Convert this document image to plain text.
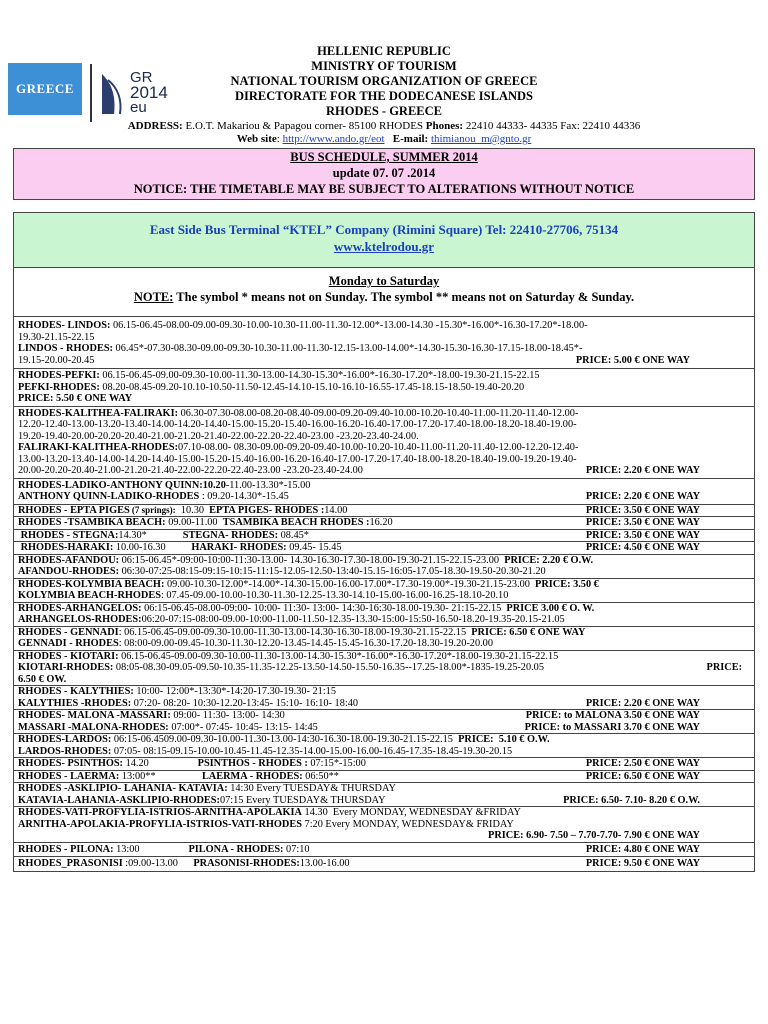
GREECE
GR
2014
eu
HELLENIC REPUBLIC
MINISTRY OF TOURISM
NATIONAL TOURISM ORGANIZATION OF GREECE
DIRECTORATE FOR THE DODECANESE ISLANDS
RHODES - GREECE
ADDRESS: E.O.T. Makariou & Papagou corner- 85100 RHODES Phones: 22410 44333- 44335 Fax: 22410 44336
Web site: http://www.ando.gr/eot E-mail: thimianou_m@gnto.gr
BUS SCHEDULE, SUMMER 2014
update 07. 07 .2014
NOTICE: THE TIMETABLE MAY BE SUBJECT TO ALTERATIONS WITHOUT NOTICE
East Side Bus Terminal “KTEL” Company (Rimini Square) Tel: 22410-27706, 75134
www.ktelrodou.gr
Monday to Saturday
NOTE: The symbol * means not on Sunday. The symbol ** means not on Saturday & Sunday.
RHODES- LINDOS: 06.15-06.45-08.00-09.00-09.30-10.00-10.30-11.00-11.30-12.00*-13.00-14.30 -15.30*-16.00*-16.30-17.20*-18.00-
19.30-21.15-22.15
LINDOS - RHODES: 06.45*-07.30-08.30-09.00-09.30-10.30-11.00-11.30-12.15-13.00-14.00*-14.30-15.30-16.30-17.15-18.00-18.45*-
19.15-20.00-20.45	PRICE: 5.00 € ONE WAY
RHODES-PEFKI: 06.15-06.45-09.00-09.30-10.00-11.30-13.00-14.30-15.30*-16.00*-16.30-17.20*-18.00-19.30-21.15-22.15
PEFKI-RHODES: 08.20-08.45-09.20-10.10-10.50-11.50-12.45-14.10-15.10-16.10-16.55-17.45-18.15-18.50-19.40-20.20
PRICE: 5.50 € ONE WAY
RHODES-KALITHEA-FALIRAKI: 06.30-07.30-08.00-08.20-08.40-09.00-09.20-09.40-10.00-10.20-10.40-11.00-11.20-11.40-12.00-
12.20-12.40-13.00-13.20-13.40-14.00-14.20-14.40-15.00-15.20-15.40-16.00-16.20-16.40-17.00-17.20-17.40-18.00-18.20-18.40-19.00-
19.20-19.40-20.00-20.20-20.40-21.00-21.20-21.40-22.00-22.20-22.40-23.00 -23.20-23.40-24.00.
FALIRAKI-KALITHEA-RHODES:07.10-08.00- 08.30-09.00-09.20-09.40-10.00-10.20-10.40-11.00-11.20-11.40-12.00-12.20-12.40-
13.00-13.20-13.40-14.00-14.20-14.40-15.00-15.20-15.40-16.00-16.20-16.40-17.00-17.20-17.40-18.00-18.20-18.40-19.00-19.20-19.40-
20.00-20.20-20.40-21.00-21.20-21.40-22.00-22.20-22.40-23.00 -23.20-23.40-24.00	PRICE: 2.20 € ONE WAY
RHODES-LADIKO-ANTHONY QUINN:10.20-11.00-13.30*-15.00
ANTHONY QUINN-LADIKO-RHODES : 09.20-14.30*-15.45	PRICE: 2.20 € ONE WAY
RHODES - EPTA PIGES (7 springs):  10.30  EPTA PIGES- RHODES :14.00	PRICE: 3.50 € ONE WAY
RHODES -TSAMBIKA BEACH: 09.00-11.00  TSAMBIKA BEACH RHODES :16.20	PRICE: 3.50 € ONE WAY
RHODES - STEGNA:14.30*              STEGNA- RHODES: 08.45*	PRICE: 3.50 € ONE WAY
RHODES-HARAKI: 10.00-16.30          HARAKI- RHODES: 09.45- 15.45	PRICE: 4.50 € ONE WAY
RHODES-AFANDOU: 06:15-06.45*-09:00-10:00-11:30-13.00- 14.30-16.30-17.30-18.00-19.30-21.15-22.15-23.00  PRICE: 2.20 € O.W.
AFANDOU-RHODES: 06:30-07:25-08:15-09:15-10:15-11:15-12.05-12.50-13:40-15.15-16:05-17.05-18.30-19.50-20.30-21.20
RHODES-KOLYMBIA BEACH: 09.00-10.30-12.00*-14.00*-14.30-15.00-16.00-17.00*-17.30-19.00*-19.30-21.15-23.00  PRICE: 3.50 €
KOLYMBIA BEACH-RHODES: 07.45-09.00-10.00-10.30-11.30-12.25-13.30-14.10-15.00-16.00-16.25-18.10-20.10
RHODES-ARHANGELOS: 06:15-06.45-08.00-09:00- 10:00- 11:30- 13:00- 14:30-16:30-18.00-19.30- 21:15-22.15  PRICE 3.00 € O. W.
ARHANGELOS-RHODES:06:20-07:15-08:00-09.00-10:00-11.00-11.50-12.35-13.30-15:00-15:50-16.50-18.20-19.35-20.15-21.05
RHODES - GENNADI: 06.15-06.45-09.00-09.30-10.00-11.30-13.00-14.30-16.30-18.00-19.30-21.15-22.15  PRICE: 6.50 € ONE WAY
GENNADI - RHODES: 08:00-09.00-09.45-10.30-11.30-12.20-13.45-14.45-15.45-16.30-17.20-18.30-19.20-20.00
RHODES - KIOTARI: 06.15-06.45-09.00-09.30-10.00-11.30-13.00-14.30-15.30*-16.00*-16.30-17.20*-18.00-19.30-21.15-22.15
KIOTARI-RHODES: 08:05-08.30-09.05-09.50-10.35-11.35-12.25-13.50-14.50-15.50-16.35--17.25-18.00*-1835-19.25-20.05	PRICE:
6.50 € OW.
RHODES - KALYTHIES: 10:00- 12:00*-13:30*-14:20-17.30-19.30- 21:15
KALYTHIES -RHODES: 07:20- 08:20- 10:30-12.20-13:45- 15:10- 16:10- 18:40	PRICE: 2.20 € ONE WAY
RHODES- MALONA -MASSARI: 09:00- 11:30- 13:00- 14:30	PRICE: to MALONA 3.50 € ONE WAY
MASSARI -MALONA-RHODES: 07:00*- 07:45- 10:45- 13:15- 14:45	PRICE: to MASSARI 3.70 € ONE WAY
RHODES-LARDOS: 06:15-06.4509.00-09.30-10.00-11.30-13.00-14:30-16.30-18.00-19.30-21.15-22.15  PRICE:  5.10 € O.W.
LARDOS-RHODES: 07:05- 08:15-09.15-10.00-10.45-11.45-12.35-14.00-15.00-16.00-16.45-17.35-18.45-19.30-20.15
RHODES- PSINTHOS: 14.20                   PSINTHOS - RHODES : 07:15*-15:00	PRICE: 2.50 € ONE WAY
RHODES - LAERMA: 13:00**                  LAERMA - RHODES: 06:50**	PRICE: 6.50 € ONE WAY
RHODES -ASKLIPIO- LAHANIA- KATAVIA: 14:30 Every TUESDAY& THURSDAY
KATAVIA-LAHANIA-ASKLIPIO-RHODES:07:15 Every TUESDAY& THURSDAY	PRICE: 6.50- 7.10- 8.20 € O.W.
RHODES-VATI-PROFYLIA-ISTRIOS-ARNITHA-APOLAKIA 14.30  Every MONDAY, WEDNESDAY &FRIDAY
ARNITHA-APOLAKIA-PROFYLIA-ISTRIOS-VATI-RHODES 7:20 Every MONDAY, WEDNESDAY& FRIDAY
PRICE: 6.90- 7.50 – 7.70-7.70- 7.90 € ONE WAY
RHODES - PILONA: 13:00                   PILONA - RHODES: 07:10	PRICE: 4.80 € ONE WAY
RHODES_PRASONISI :09.00-13.00      PRASONISI-RHODES:13.00-16.00	PRICE: 9.50 € ONE WAY
